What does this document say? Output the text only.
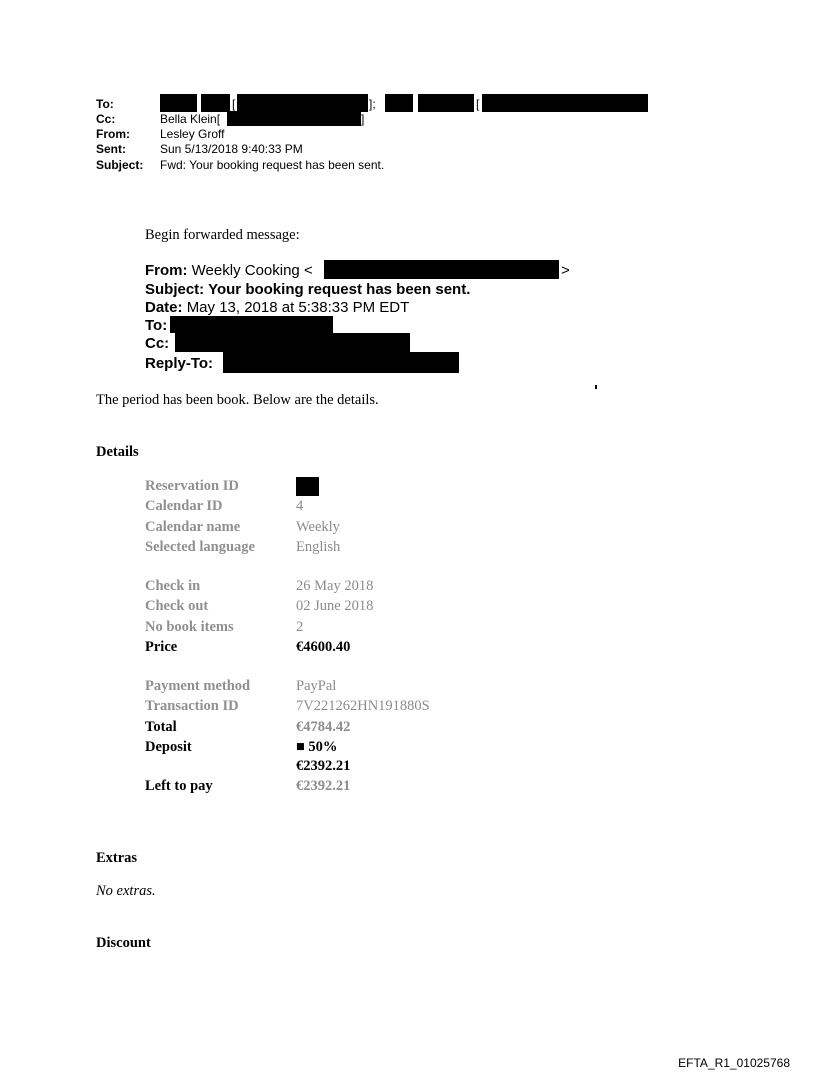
To:	[	];	[
Cc:	Bella Klein[	]
From:	Lesley Groff
Sent:	Sun 5/13/2018 9:40:33 PM
Subject: Fwd: Your booking request has been sent.
Begin forwarded message:
From: Weekly Cooking <	>
Subject: Your booking request has been sent.
Date: May 13, 2018 at 5:38:33 PM EDT
To:
Cc:
Reply-To:
The period has been book. Below are the details.
Details
Reservation ID
Calendar ID	4
Calendar name	Weekly
Selected language	English
Check in	26 May 2018
Check out	02 June 2018
No book items	2
Price	€4600.40
Payment method	PayPal
Transaction ID	7V221262HN191880S
Total	€4784.42
Deposit	■ 50%
€2392.21
Left to pay	€2392.21
Extras
No extras.
Discount
EFTA_R1_01025768
